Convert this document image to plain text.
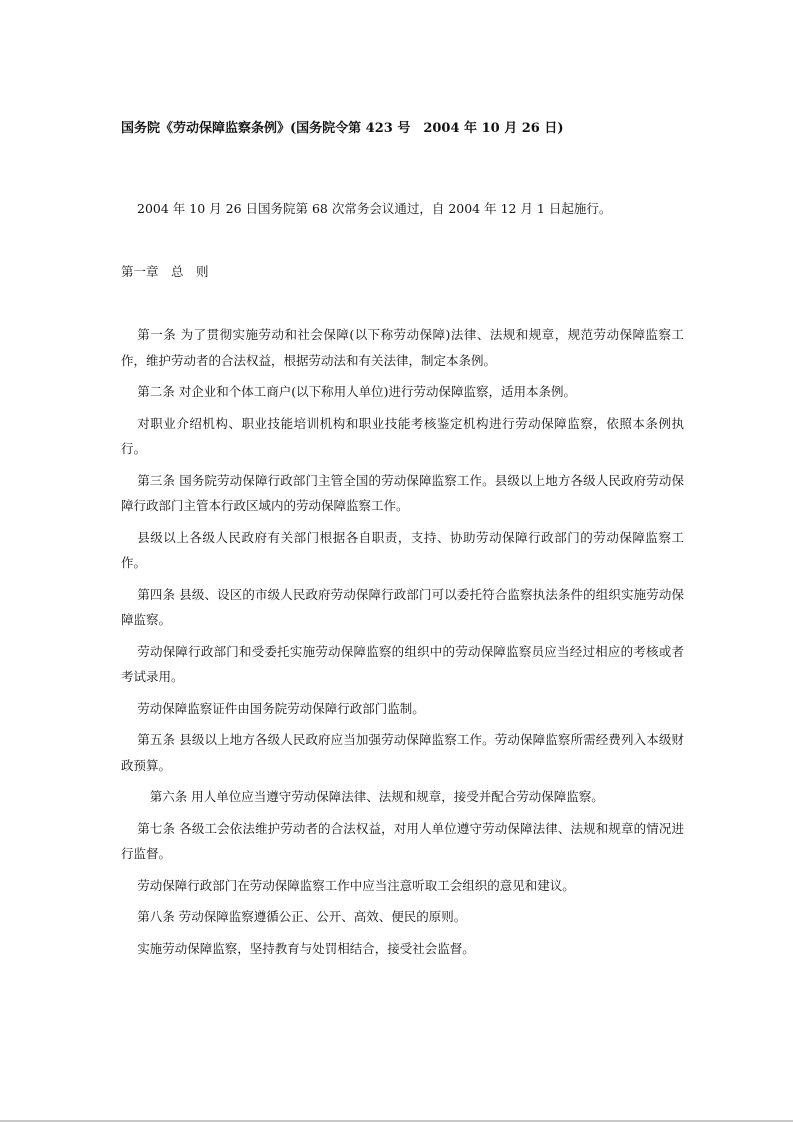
国务院《劳动保障监察条例》(国务院令第 423 号　2004 年 10 月 26 日)
2004 年 10 月 26 日国务院第 68 次常务会议通过，自 2004 年 12 月 1 日起施行。
第一章　总　则

第一条 为了贯彻实施劳动和社会保障(以下称劳动保障)法律、法规和规章，规范劳动保障监察工作，维护劳动者的合法权益，根据劳动法和有关法律，制定本条例。

第二条 对企业和个体工商户(以下称用人单位)进行劳动保障监察，适用本条例。

对职业介绍机构、职业技能培训机构和职业技能考核鉴定机构进行劳动保障监察，依照本条例执行。

第三条 国务院劳动保障行政部门主管全国的劳动保障监察工作。县级以上地方各级人民政府劳动保障行政部门主管本行政区域内的劳动保障监察工作。

县级以上各级人民政府有关部门根据各自职责，支持、协助劳动保障行政部门的劳动保障监察工作。

第四条 县级、设区的市级人民政府劳动保障行政部门可以委托符合监察执法条件的组织实施劳动保障监察。

劳动保障行政部门和受委托实施劳动保障监察的组织中的劳动保障监察员应当经过相应的考核或者考试录用。

劳动保障监察证件由国务院劳动保障行政部门监制。

第五条 县级以上地方各级人民政府应当加强劳动保障监察工作。劳动保障监察所需经费列入本级财政预算。

第六条 用人单位应当遵守劳动保障法律、法规和规章，接受并配合劳动保障监察。

第七条 各级工会依法维护劳动者的合法权益，对用人单位遵守劳动保障法律、法规和规章的情况进行监督。

劳动保障行政部门在劳动保障监察工作中应当注意听取工会组织的意见和建议。

第八条 劳动保障监察遵循公正、公开、高效、便民的原则。

实施劳动保障监察，坚持教育与处罚相结合，接受社会监督。
